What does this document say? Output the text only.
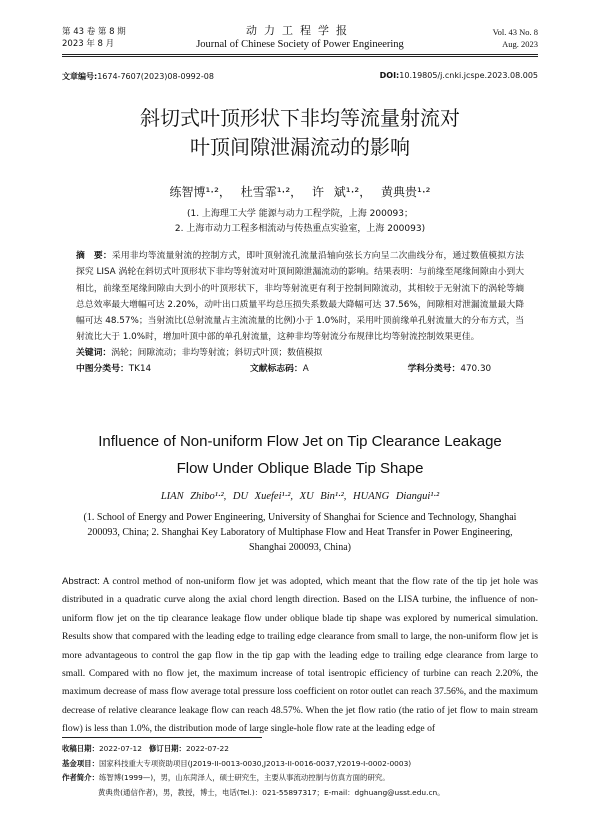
第 43 卷 第 8 期
2023 年 8 月
动力工程学报
Journal of Chinese Society of Power Engineering
Vol. 43 No. 8
Aug. 2023
文章编号:1674-7607(2023)08-0992-08	DOI:10.19805/j.cnki.jcspe.2023.08.005
斜切式叶顶形状下非均等流量射流对
叶顶间隙泄漏流动的影响
练智博¹·²， 杜雪霏¹·²， 许 斌¹·²， 黄典贵¹·²
(1. 上海理工大学 能源与动力工程学院，上海 200093；
2. 上海市动力工程多相流动与传热重点实验室，上海 200093)
摘　要：采用非均等流量射流的控制方式，即叶顶射流孔流量沿轴向弦长方向呈二次曲线分布，通过数值模拟方法探究 LISA 涡轮在斜切式叶顶形状下非均等射流对叶顶间隙泄漏流动的影响。结果表明：与前缘至尾缘间隙由小到大相比，前缘至尾缘间隙由大到小的叶顶形状下，非均等射流更有利于控制间隙流动，其相较于无射流下的涡轮等熵总总效率最大增幅可达 2.20%，动叶出口质量平均总压损失系数最大降幅可达 37.56%，间隙相对泄漏流量最大降幅可达 48.57%；当射流比(总射流量占主流流量的比例)小于 1.0%时，采用叶顶前缘单孔射流量大的分布方式，当射流比大于 1.0%时，增加叶顶中部的单孔射流量，这种非均等射流分布规律比均等射流控制效果更佳。
关键词：涡轮；间隙流动；非均等射流；斜切式叶顶；数值模拟
中图分类号：TK14	文献标志码：A	学科分类号：470.30
Influence of Non-uniform Flow Jet on Tip Clearance Leakage
Flow Under Oblique Blade Tip Shape
LIAN Zhibo¹·², DU Xuefei¹·², XU Bin¹·², HUANG Diangui¹·²
(1. School of Energy and Power Engineering, University of Shanghai for Science and Technology, Shanghai 200093, China; 2. Shanghai Key Laboratory of Multiphase Flow and Heat Transfer in Power Engineering, Shanghai 200093, China)
Abstract: A control method of non-uniform flow jet was adopted, which meant that the flow rate of the tip jet hole was distributed in a quadratic curve along the axial chord length direction. Based on the LISA turbine, the influence of non-uniform flow jet on the tip clearance leakage flow under oblique blade tip shape was explored by numerical simulation. Results show that compared with the leading edge to trailing edge clearance from small to large, the non-uniform flow jet is more advantageous to control the gap flow in the tip gap with the leading edge to trailing edge clearance from large to small. Compared with no flow jet, the maximum increase of total isentropic efficiency of turbine can reach 2.20%, the maximum decrease of mass flow average total pressure loss coefficient on rotor outlet can reach 37.56%, and the maximum decrease of relative clearance leakage flow can reach 48.57%. When the jet flow ratio (the ratio of jet flow to main stream flow) is less than 1.0%, the distribution mode of large single-hole flow rate at the leading edge of
收稿日期：2022-07-12 修订日期：2022-07-22
基金项目：国家科技重大专项资助项目(J2019-II-0013-0030,J2013-II-0016-0037,Y2019-Ⅰ-0002-0003)
作者简介：练智博(1999—)，男，山东菏泽人，硕士研究生，主要从事流动控制与仿真方面的研究。
黄典贵(通信作者)，男，教授，博士，电话(Tel.)：021-55897317；E-mail：dghuang@usst.edu.cn。
